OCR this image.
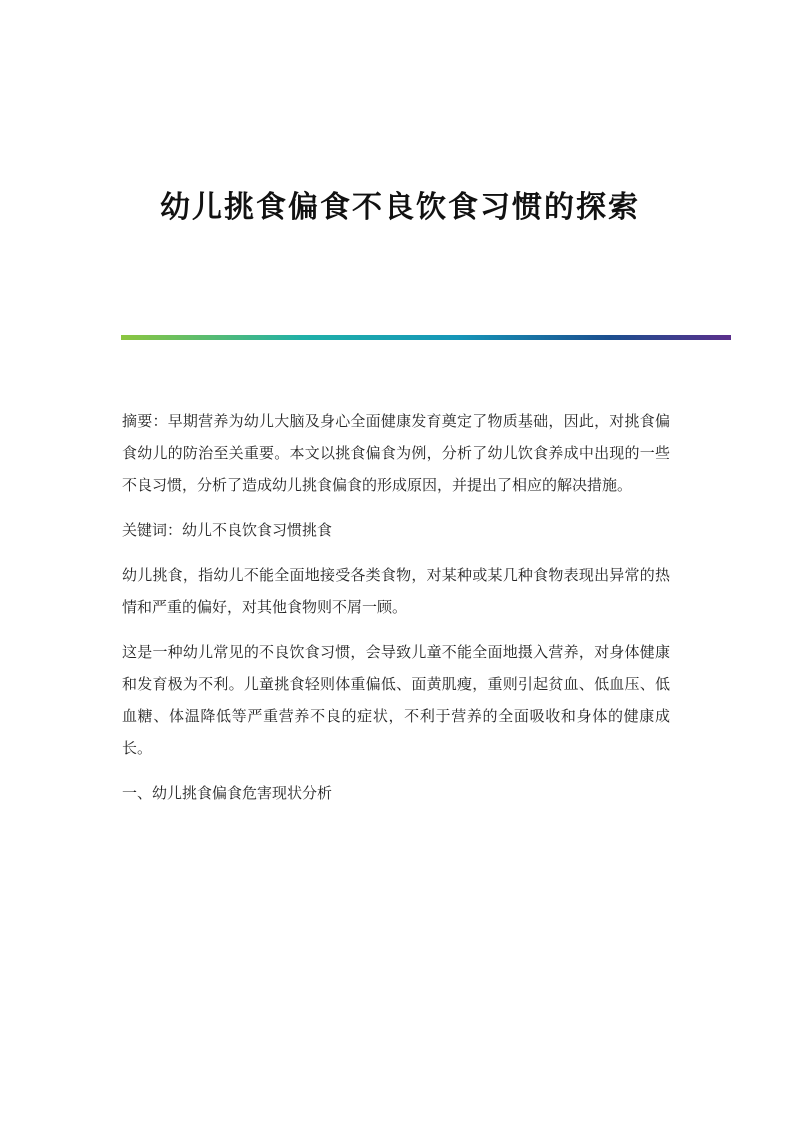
幼儿挑食偏食不良饮食习惯的探索

摘要：早期营养为幼儿大脑及身心全面健康发育奠定了物质基础，因此，对挑食偏食幼儿的防治至关重要。本文以挑食偏食为例，分析了幼儿饮食养成中出现的一些不良习惯，分析了造成幼儿挑食偏食的形成原因，并提出了相应的解决措施。

关键词：幼儿不良饮食习惯挑食

幼儿挑食，指幼儿不能全面地接受各类食物，对某种或某几种食物表现出异常的热情和严重的偏好，对其他食物则不屑一顾。

这是一种幼儿常见的不良饮食习惯，会导致儿童不能全面地摄入营养，对身体健康和发育极为不利。儿童挑食轻则体重偏低、面黄肌瘦，重则引起贫血、低血压、低血糖、体温降低等严重营养不良的症状，不利于营养的全面吸收和身体的健康成长。

一、幼儿挑食偏食危害现状分析
